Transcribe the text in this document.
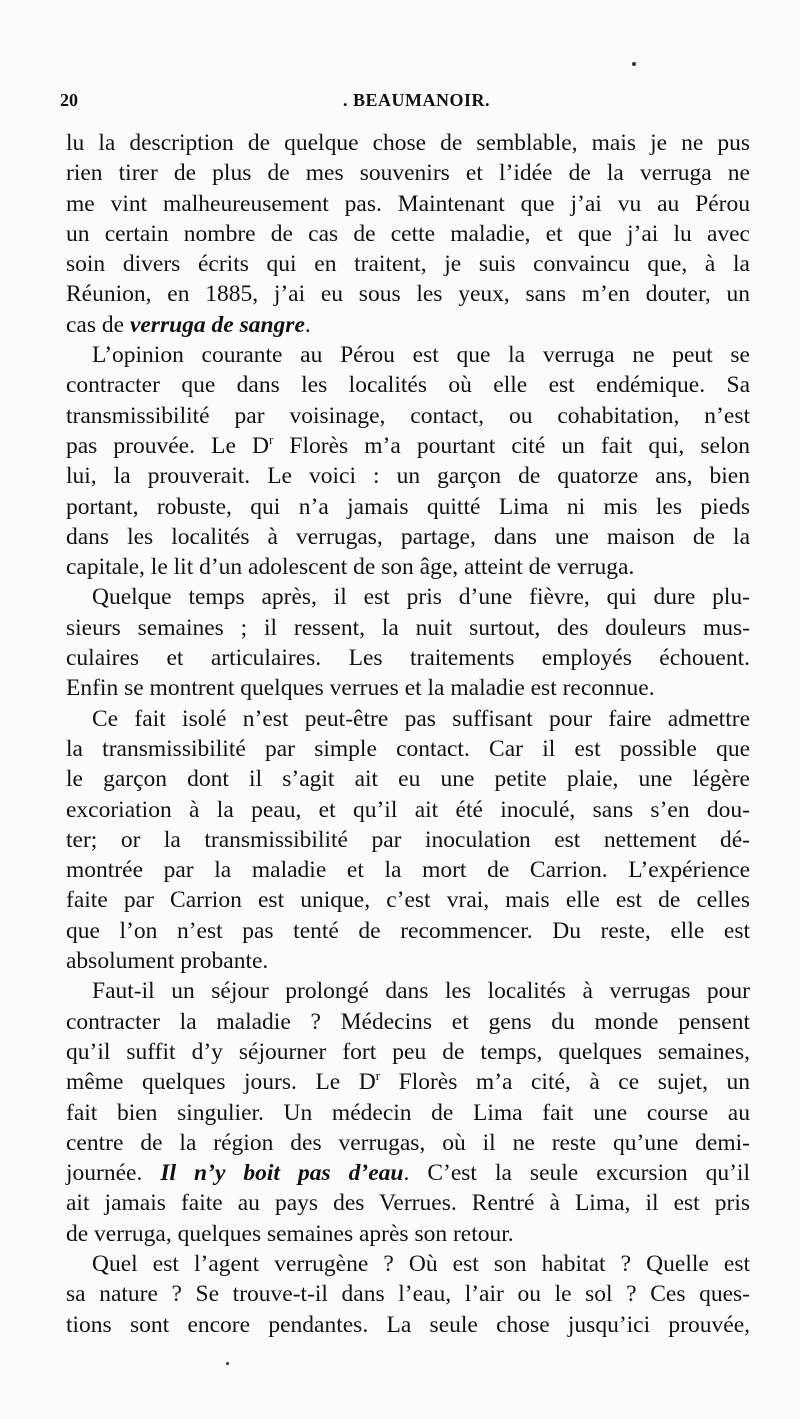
20	. BEAUMANOIR.
lu la description de quelque chose de semblable, mais je ne pus
rien tirer de plus de mes souvenirs et l’idée de la verruga ne
me vint malheureusement pas. Maintenant que j’ai vu au Pérou
un certain nombre de cas de cette maladie, et que j’ai lu avec
soin divers écrits qui en traitent, je suis convaincu que, à la
Réunion, en 1885, j’ai eu sous les yeux, sans m’en douter, un
cas de verruga de sangre.
L’opinion courante au Pérou est que la verruga ne peut se
contracter que dans les localités où elle est endémique. Sa
transmissibilité par voisinage, contact, ou cohabitation, n’est
pas prouvée. Le $D^r$ Florès m’a pourtant cité un fait qui, selon
lui, la prouverait. Le voici : un garçon de quatorze ans, bien
portant, robuste, qui n’a jamais quitté Lima ni mis les pieds
dans les localités à verrugas, partage, dans une maison de la
capitale, le lit d’un adolescent de son âge, atteint de verruga.
Quelque temps après, il est pris d’une fièvre, qui dure plu-
sieurs semaines ; il ressent, la nuit surtout, des douleurs mus-
culaires et articulaires. Les traitements employés échouent.
Enfin se montrent quelques verrues et la maladie est reconnue.
Ce fait isolé n’est peut-être pas suffisant pour faire admettre
la transmissibilité par simple contact. Car il est possible que
le garçon dont il s’agit ait eu une petite plaie, une légère
excoriation à la peau, et qu’il ait été inoculé, sans s’en dou-
ter; or la transmissibilité par inoculation est nettement dé-
montrée par la maladie et la mort de Carrion. L’expérience
faite par Carrion est unique, c’est vrai, mais elle est de celles
que l’on n’est pas tenté de recommencer. Du reste, elle est
absolument probante.
Faut-il un séjour prolongé dans les localités à verrugas pour
contracter la maladie ? Médecins et gens du monde pensent
qu’il suffit d’y séjourner fort peu de temps, quelques semaines,
même quelques jours. Le $D^r$ Florès m’a cité, à ce sujet, un
fait bien singulier. Un médecin de Lima fait une course au
centre de la région des verrugas, où il ne reste qu’une demi-
journée. Il n’y boit pas d’eau. C’est la seule excursion qu’il
ait jamais faite au pays des Verrues. Rentré à Lima, il est pris
de verruga, quelques semaines après son retour.
Quel est l’agent verrugène ? Où est son habitat ? Quelle est
sa nature ? Se trouve-t-il dans l’eau, l’air ou le sol ? Ces ques-
tions sont encore pendantes. La seule chose jusqu’ici prouvée,
